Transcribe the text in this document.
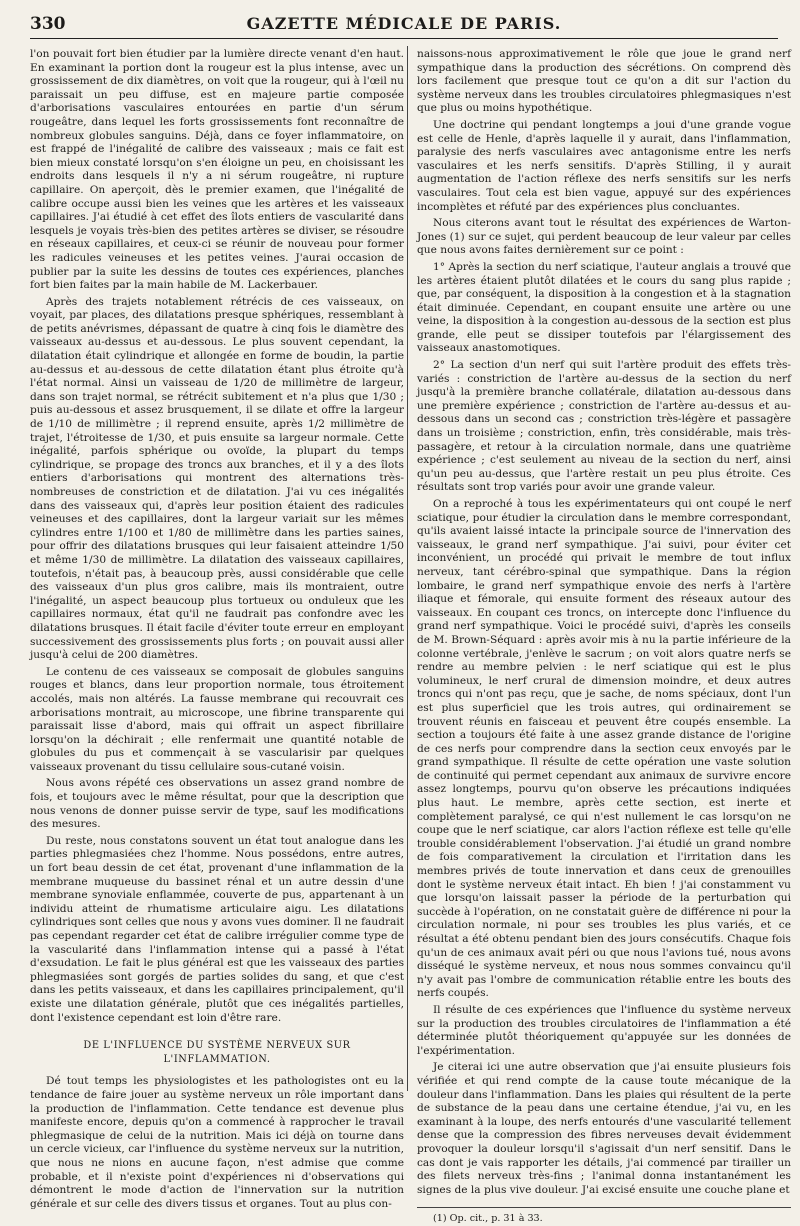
330	GAZETTE MÉDICALE DE PARIS.

l'on pouvait fort bien étudier par la lumière directe venant d'en haut. En examinant la portion dont la rougeur est la plus intense, avec un grossissement de dix diamètres, on voit que la rougeur, qui à l'œil nu paraissait un peu diffuse, est en majeure partie composée d'arborisations vasculaires entourées en partie d'un sérum rougeâtre, dans lequel les forts grossissements font reconnaître de nombreux globules sanguins. Déjà, dans ce foyer inflammatoire, on est frappé de l'inégalité de calibre des vaisseaux ; mais ce fait est bien mieux constaté lorsqu'on s'en éloigne un peu, en choisissant les endroits dans lesquels il n'y a ni sérum rougeâtre, ni rupture capillaire. On aperçoit, dès le premier examen, que l'inégalité de calibre occupe aussi bien les veines que les artères et les vaisseaux capillaires. J'ai étudié à cet effet des îlots entiers de vascularité dans lesquels je voyais très-bien des petites artères se diviser, se résoudre en réseaux capillaires, et ceux-ci se réunir de nouveau pour former les radicules veineuses et les petites veines. J'aurai occasion de publier par la suite les dessins de toutes ces expériences, planches fort bien faites par la main habile de M. Lackerbauer.

Après des trajets notablement rétrécis de ces vaisseaux, on voyait, par places, des dilatations presque sphériques, ressemblant à de petits anévrismes, dépassant de quatre à cinq fois le diamètre des vaisseaux au-dessus et au-dessous. Le plus souvent cependant, la dilatation était cylindrique et allongée en forme de boudin, la partie au-dessus et au-dessous de cette dilatation étant plus étroite qu'à l'état normal. Ainsi un vaisseau de 1/20 de millimètre de largeur, dans son trajet normal, se rétrécit subitement et n'a plus que 1/30 ; puis au-dessous et assez brusquement, il se dilate et offre la largeur de 1/10 de millimètre ; il reprend ensuite, après 1/2 millimètre de trajet, l'étroitesse de 1/30, et puis ensuite sa largeur normale. Cette inégalité, parfois sphérique ou ovoïde, la plupart du temps cylindrique, se propage des troncs aux branches, et il y a des îlots entiers d'arborisations qui montrent des alternations très-nombreuses de constriction et de dilatation. J'ai vu ces inégalités dans des vaisseaux qui, d'après leur position étaient des radicules veineuses et des capillaires, dont la largeur variait sur les mêmes cylindres entre 1/100 et 1/80 de millimètre dans les parties saines, pour offrir des dilatations brusques qui leur faisaient atteindre 1/50 et même 1/30 de millimètre. La dilatation des vaisseaux capillaires, toutefois, n'était pas, à beaucoup près, aussi considérable que celle des vaisseaux d'un plus gros calibre, mais ils montraient, outre l'inégalité, un aspect beaucoup plus tortueux ou onduleux que les capillaires normaux, état qu'il ne faudrait pas confondre avec les dilatations brusques. Il était facile d'éviter toute erreur en employant successivement des grossissements plus forts ; on pouvait aussi aller jusqu'à celui de 200 diamètres.

Le contenu de ces vaisseaux se composait de globules sanguins rouges et blancs, dans leur proportion normale, tous étroitement accolés, mais non altérés. La fausse membrane qui recouvrait ces arborisations montrait, au microscope, une fibrine transparente qui paraissait lisse d'abord, mais qui offrait un aspect fibrillaire lorsqu'on la déchirait ; elle renfermait une quantité notable de globules du pus et commençait à se vascularisir par quelques vaisseaux provenant du tissu cellulaire sous-cutané voisin.

Nous avons répété ces observations un assez grand nombre de fois, et toujours avec le même résultat, pour que la description que nous venons de donner puisse servir de type, sauf les modifications des mesures.

Du reste, nous constatons souvent un état tout analogue dans les parties phlegmasiées chez l'homme. Nous possédons, entre autres, un fort beau dessin de cet état, provenant d'une inflammation de la membrane muqueuse du bassinet rénal et un autre dessin d'une membrane synoviale enflammée, couverte de pus, appartenant à un individu atteint de rhumatisme articulaire aigu. Les dilatations cylindriques sont celles que nous y avons vues dominer. Il ne faudrait pas cependant regarder cet état de calibre irrégulier comme type de la vascularité dans l'inflammation intense qui a passé à l'état d'exsudation. Le fait le plus général est que les vaisseaux des parties phlegmasiées sont gorgés de parties solides du sang, et que c'est dans les petits vaisseaux, et dans les capillaires principalement, qu'il existe une dilatation générale, plutôt que ces inégalités partielles, dont l'existence cependant est loin d'être rare.

DE L'INFLUENCE DU SYSTÈME NERVEUX SUR L'INFLAMMATION.

Dé tout temps les physiologistes et les pathologistes ont eu la tendance de faire jouer au système nerveux un rôle important dans la production de l'inflammation. Cette tendance est devenue plus manifeste encore, depuis qu'on a commencé à rapprocher le travail phlegmasique de celui de la nutrition. Mais ici déjà on tourne dans un cercle vicieux, car l'influence du système nerveux sur la nutrition, que nous ne nions en aucune façon, n'est admise que comme probable, et il n'existe point d'expériences ni d'observations qui démontrent le mode d'action de l'innervation sur la nutrition générale et sur celle des divers tissus et organes. Tout au plus con-

naissons-nous approximativement le rôle que joue le grand nerf sympathique dans la production des sécrétions. On comprend dès lors facilement que presque tout ce qu'on a dit sur l'action du système nerveux dans les troubles circulatoires phlegmasiques n'est que plus ou moins hypothétique.

Une doctrine qui pendant longtemps a joui d'une grande vogue est celle de Henle, d'après laquelle il y aurait, dans l'inflammation, paralysie des nerfs vasculaires avec antagonisme entre les nerfs vasculaires et les nerfs sensitifs. D'après Stilling, il y aurait augmentation de l'action réflexe des nerfs sensitifs sur les nerfs vasculaires. Tout cela est bien vague, appuyé sur des expériences incomplètes et réfuté par des expériences plus concluantes.

Nous citerons avant tout le résultat des expériences de Warton-Jones (1) sur ce sujet, qui perdent beaucoup de leur valeur par celles que nous avons faites dernièrement sur ce point :

1° Après la section du nerf sciatique, l'auteur anglais a trouvé que les artères étaient plutôt dilatées et le cours du sang plus rapide ; que, par conséquent, la disposition à la congestion et à la stagnation était diminuée. Cependant, en coupant ensuite une artère ou une veine, la disposition à la congestion au-dessous de la section est plus grande, elle peut se dissiper toutefois par l'élargissement des vaisseaux anastomotiques.

2° La section d'un nerf qui suit l'artère produit des effets très-variés : constriction de l'artère au-dessus de la section du nerf jusqu'à la première branche collatérale, dilatation au-dessous dans une première expérience ; constriction de l'artère au-dessus et au-dessous dans un second cas ; constriction très-légère et passagère dans un troisième ; constriction, enfin, très considérable, mais très-passagère, et retour à la circulation normale, dans une quatrième expérience ; c'est seulement au niveau de la section du nerf, ainsi qu'un peu au-dessus, que l'artère restait un peu plus étroite. Ces résultats sont trop variés pour avoir une grande valeur.

On a reproché à tous les expérimentateurs qui ont coupé le nerf sciatique, pour étudier la circulation dans le membre correspondant, qu'ils avaient laissé intacte la principale source de l'innervation des vaisseaux, le grand nerf sympathique. J'ai suivi, pour éviter cet inconvénient, un procédé qui privait le membre de tout influx nerveux, tant cérébro-spinal que sympathique. Dans la région lombaire, le grand nerf sympathique envoie des nerfs à l'artère iliaque et fémorale, qui ensuite forment des réseaux autour des vaisseaux. En coupant ces troncs, on intercepte donc l'influence du grand nerf sympathique. Voici le procédé suivi, d'après les conseils de M. Brown-Séquard : après avoir mis à nu la partie inférieure de la colonne vertébrale, j'enlève le sacrum ; on voit alors quatre nerfs se rendre au membre pelvien : le nerf sciatique qui est le plus volumineux, le nerf crural de dimension moindre, et deux autres troncs qui n'ont pas reçu, que je sache, de noms spéciaux, dont l'un est plus superficiel que les trois autres, qui ordinairement se trouvent réunis en faisceau et peuvent être coupés ensemble. La section a toujours été faite à une assez grande distance de l'origine de ces nerfs pour comprendre dans la section ceux envoyés par le grand sympathique. Il résulte de cette opération une vaste solution de continuité qui permet cependant aux animaux de survivre encore assez longtemps, pourvu qu'on observe les précautions indiquées plus haut. Le membre, après cette section, est inerte et complètement paralysé, ce qui n'est nullement le cas lorsqu'on ne coupe que le nerf sciatique, car alors l'action réflexe est telle qu'elle trouble considérablement l'observation. J'ai étudié un grand nombre de fois comparativement la circulation et l'irritation dans les membres privés de toute innervation et dans ceux de grenouilles dont le système nerveux était intact. Eh bien ! j'ai constamment vu que lorsqu'on laissait passer la période de la perturbation qui succède à l'opération, on ne constatait guère de différence ni pour la circulation normale, ni pour ses troubles les plus variés, et ce résultat a été obtenu pendant bien des jours consécutifs. Chaque fois qu'un de ces animaux avait péri ou que nous l'avions tué, nous avons disséqué le système nerveux, et nous nous sommes convaincu qu'il n'y avait pas l'ombre de communication rétablie entre les bouts des nerfs coupés.

Il résulte de ces expériences que l'influence du système nerveux sur la production des troubles circulatoires de l'inflammation a été déterminée plutôt théoriquement qu'appuyée sur les données de l'expérimentation.

Je citerai ici une autre observation que j'ai ensuite plusieurs fois vérifiée et qui rend compte de la cause toute mécanique de la douleur dans l'inflammation. Dans les plaies qui résultent de la perte de substance de la peau dans une certaine étendue, j'ai vu, en les examinant à la loupe, des nerfs entourés d'une vascularité tellement dense que la compression des fibres nerveuses devait évidemment provoquer la douleur lorsqu'il s'agissait d'un nerf sensitif. Dans le cas dont je vais rapporter les détails, j'ai commencé par tirailler un des filets nerveux très-fins ; l'animal donna instantanément les signes de la plus vive douleur. J'ai excisé ensuite une couche plane et

(1) Op. cit., p. 31 à 33.
